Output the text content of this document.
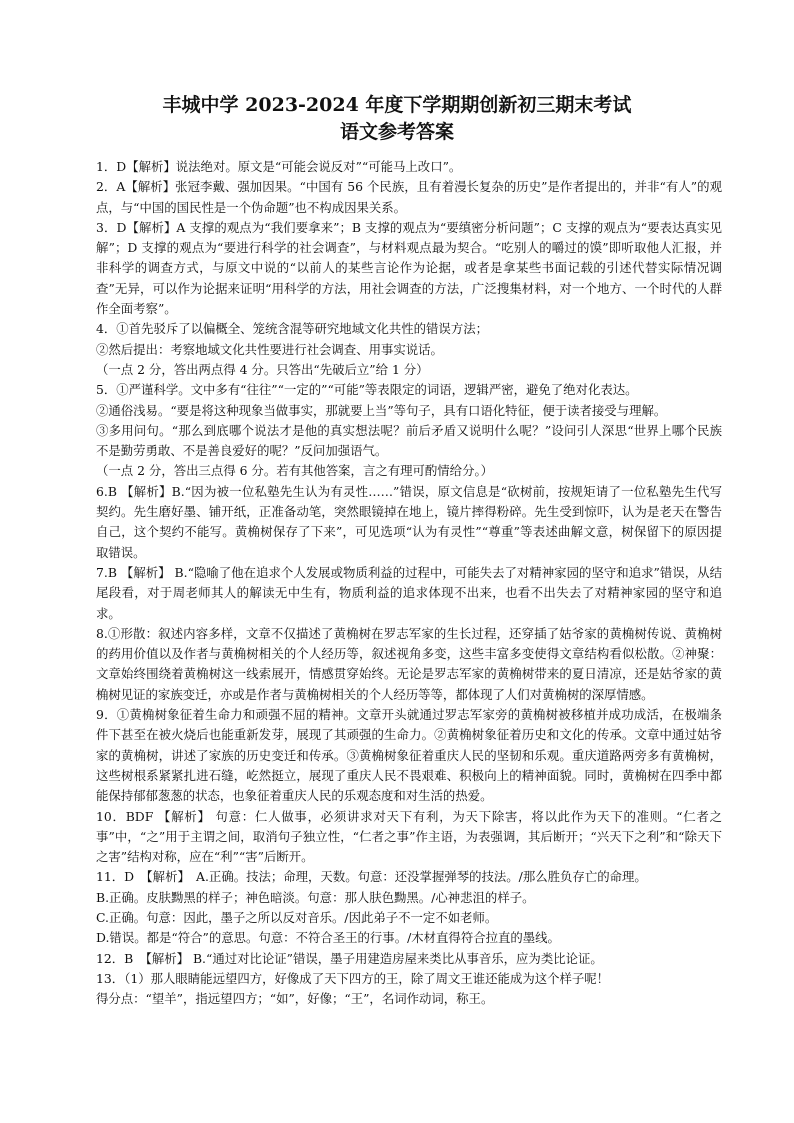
丰城中学 2023-2024 年度下学期期创新初三期末考试

语文参考答案

1．D【解析】说法绝对。原文是“可能会说反对”“可能马上改口”。

2．A【解析】张冠李戴、强加因果。“中国有 56 个民族，且有着漫长复杂的历史”是作者提出的，并非“有人”的观点，与“中国的国民性是一个伪命题”也不构成因果关系。

3．D【解析】A 支撑的观点为“我们要拿来”；B 支撑的观点为“要缜密分析问题”；C 支撑的观点为“要表达真实见解”；D 支撑的观点为“要进行科学的社会调查”，与材料观点最为契合。“吃别人的嚼过的馍”即听取他人汇报，并非科学的调查方式，与原文中说的“以前人的某些言论作为论据，或者是拿某些书面记载的引述代替实际情况调查”无异，可以作为论据来证明“用科学的方法，用社会调查的方法，广泛搜集材料，对一个地方、一个时代的人群作全面考察”。

4．①首先驳斥了以偏概全、笼统含混等研究地域文化共性的错误方法；

②然后提出：考察地域文化共性要进行社会调查、用事实说话。

（一点 2 分，答出两点得 4 分。只答出“先破后立”给 1 分）

5．①严谨科学。文中多有“往往”“一定的”“可能”等表限定的词语，逻辑严密，避免了绝对化表达。

②通俗浅易。“要是将这种现象当做事实，那就要上当”等句子，具有口语化特征，便于读者接受与理解。

③多用问句。“那么到底哪个说法才是他的真实想法呢？前后矛盾又说明什么呢？”设问引人深思“世界上哪个民族不是勤劳勇敢、不是善良爱好的呢？”反问加强语气。

（一点 2 分，答出三点得 6 分。若有其他答案，言之有理可酌情给分。）

6.B 【解析】B.“因为被一位私塾先生认为有灵性……”错误，原文信息是“砍树前，按规矩请了一位私塾先生代写契约。先生磨好墨、铺开纸，正准备动笔，突然眼镜掉在地上，镜片摔得粉碎。先生受到惊吓，认为是老天在警告自己，这个契约不能写。黄桷树保存了下来”，可见选项“认为有灵性”“尊重”等表述曲解文意，树保留下的原因提取错误。

7.B 【解析】 B.“隐喻了他在追求个人发展或物质利益的过程中，可能失去了对精神家园的坚守和追求”错误，从结尾段看，对于周老师其人的解读无中生有，物质利益的追求体现不出来，也看不出失去了对精神家园的坚守和追求。

8.①形散：叙述内容多样，文章不仅描述了黄桷树在罗志军家的生长过程，还穿插了姑爷家的黄桷树传说、黄桷树的药用价值以及作者与黄桷树相关的个人经历等，叙述视角多变，这些丰富多变使得文章结构看似松散。②神聚：文章始终围绕着黄桷树这一线索展开，情感贯穿始终。无论是罗志军家的黄桷树带来的夏日清凉，还是姑爷家的黄桷树见证的家族变迁，亦或是作者与黄桷树相关的个人经历等等，都体现了人们对黄桷树的深厚情感。

9．①黄桷树象征着生命力和顽强不屈的精神。文章开头就通过罗志军家旁的黄桷树被移植并成功成活，在极端条件下甚至在被火烧后也能重新发芽，展现了其顽强的生命力。②黄桷树象征着历史和文化的传承。文章中通过姑爷家的黄桷树，讲述了家族的历史变迁和传承。③黄桷树象征着重庆人民的坚韧和乐观。重庆道路两旁多有黄桷树，这些树根系紧紧扎进石缝，屹然挺立，展现了重庆人民不畏艰难、积极向上的精神面貌。同时，黄桷树在四季中都能保持郁郁葱葱的状态，也象征着重庆人民的乐观态度和对生活的热爱。

10．BDF 【解析】 句意：仁人做事，必须讲求对天下有利，为天下除害，将以此作为天下的准则。“仁者之事”中，“之”用于主谓之间，取消句子独立性，“仁者之事”作主语，为表强调，其后断开；“兴天下之利”和“除天下之害”结构对称，应在“利”“害”后断开。

11．D　【解析】　A.正确。技法；命理，天数。句意：还没掌握弹琴的技法。/那么胜负存亡的命理。

B.正确。皮肤黝黑的样子；神色暗淡。句意：那人肤色黝黑。/心神悲沮的样子。

C.正确。句意：因此，墨子之所以反对音乐。/因此弟子不一定不如老师。

D.错误。都是“符合”的意思。句意：不符合圣王的行事。/木材直得符合拉直的墨线。

12．B　【解析】 B.“通过对比论证”错误，墨子用建造房屋来类比从事音乐，应为类比论证。

13．（1）那人眼睛能远望四方，好像成了天下四方的王，除了周文王谁还能成为这个样子呢！

得分点：“望羊”，指远望四方；“如”，好像；“王”，名词作动词，称王。
